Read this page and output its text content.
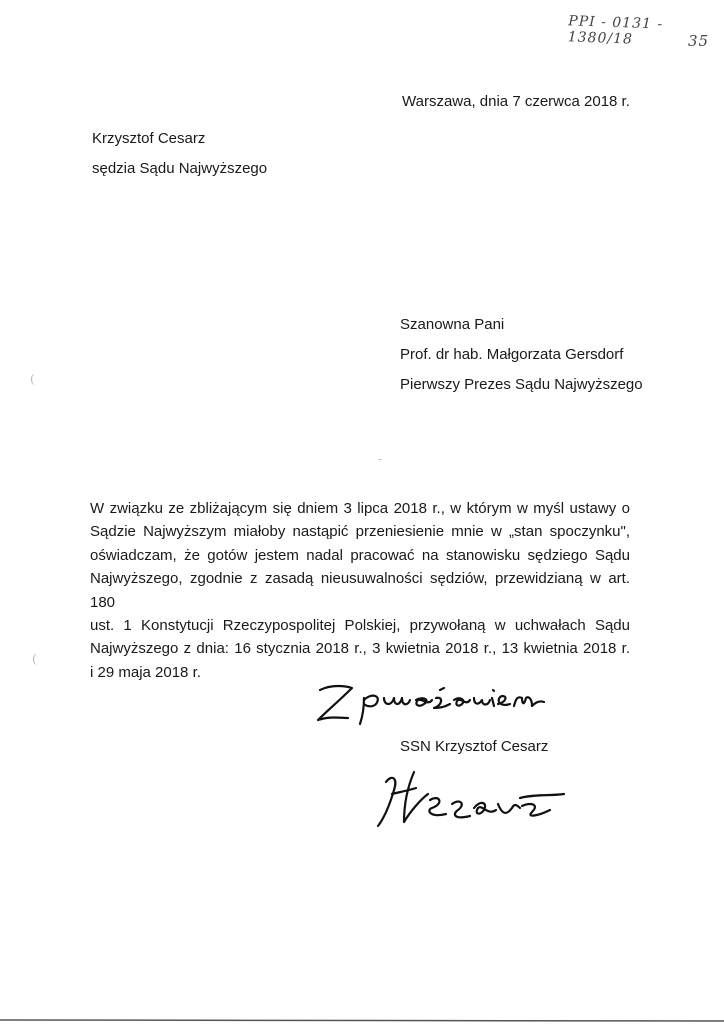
PPI - 0131 - 1380/18	35
Warszawa, dnia 7 czerwca 2018 r.
Krzysztof Cesarz
sędzia Sądu Najwyższego
Szanowna Pani
Prof. dr hab. Małgorzata Gersdorf
Pierwszy Prezes Sądu Najwyższego
(
-
(
W związku ze zbliżającym się dniem 3 lipca 2018 r., w którym w myśl ustawy o
Sądzie Najwyższym miałoby nastąpić przeniesienie mnie w „stan spoczynku",
oświadczam, że gotów jestem nadal pracować na stanowisku sędziego Sądu
Najwyższego, zgodnie z zasadą nieusuwalności sędziów, przewidzianą w art. 180
ust. 1 Konstytucji Rzeczypospolitej Polskiej, przywołaną w uchwałach Sądu
Najwyższego z dnia: 16 stycznia 2018 r., 3 kwietnia 2018 r., 13 kwietnia 2018 r.
i 29 maja 2018 r.
SSN Krzysztof Cesarz
